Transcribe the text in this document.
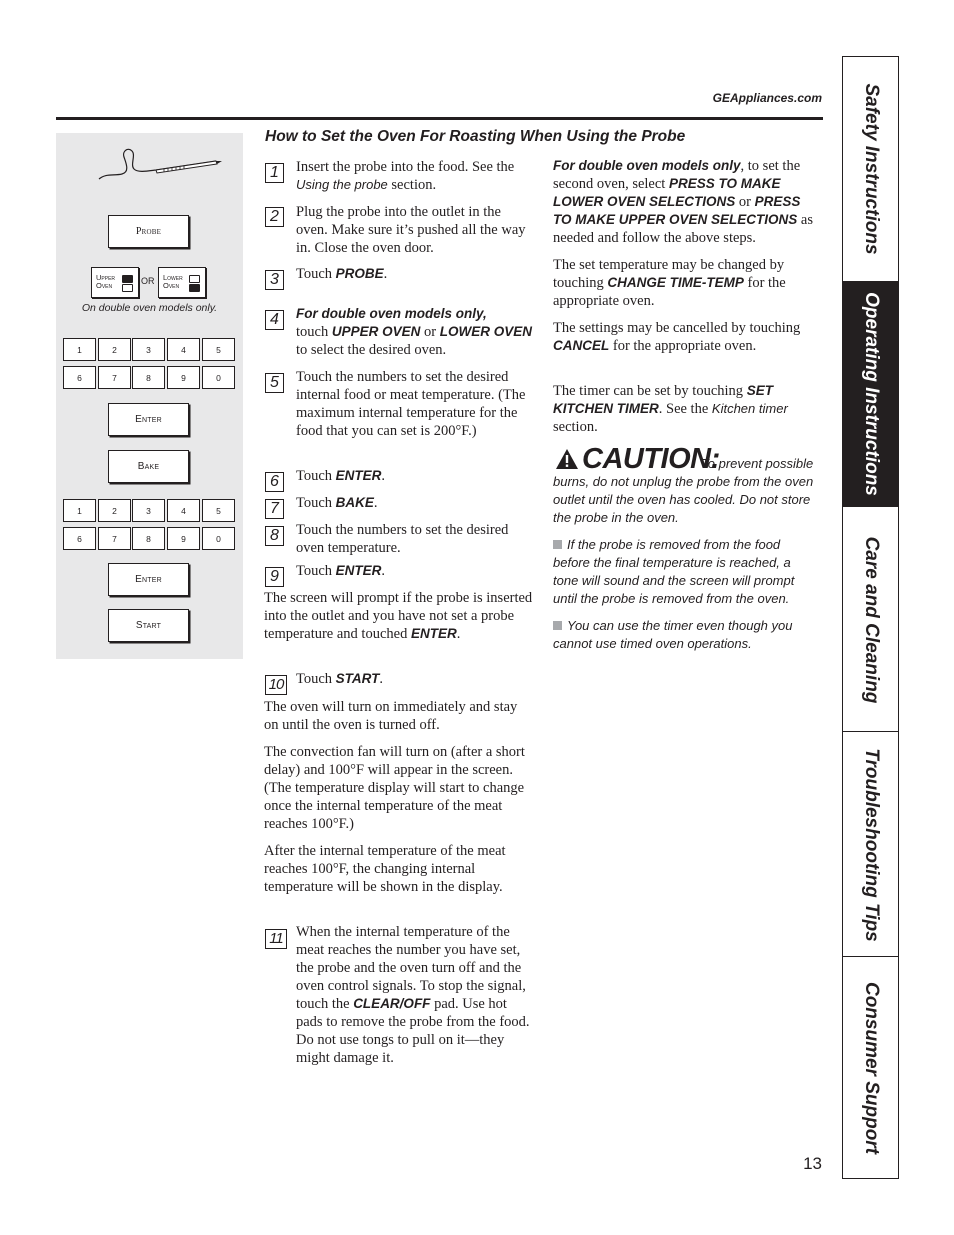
GEAppliances.com
Probe
Upper
Oven
Lower
Oven
OR
On double oven models only.
1	2	3	4	5
6	7	8	9	0
Enter
Bake
1	2	3	4	5
6	7	8	9	0
Enter
Start
How to Set the Oven For Roasting When Using the Probe
1	Insert the probe into the food. See the Using the probe section.
2	Plug the probe into the outlet in the oven. Make sure it’s pushed all the way in. Close the oven door.
3	Touch PROBE.
4	For double oven models only,
touch UPPER OVEN or LOWER OVEN
to select the desired oven.
5	Touch the numbers to set the desired internal food or meat temperature. (The maximum internal temperature for the food that you can set is 200°F.)
6	Touch ENTER.
7	Touch BAKE.
8	Touch the numbers to set the desired oven temperature.
9	Touch ENTER.
The screen will prompt if the probe is inserted into the outlet and you have not set a probe temperature and touched ENTER.
10 Touch START.
The oven will turn on immediately and stay on until the oven is turned off.
The convection fan will turn on (after a short delay) and 100°F will appear in the screen. (The temperature display will start to change once the internal temperature of the meat reaches 100°F.)
After the internal temperature of the meat reaches 100°F, the changing internal temperature will be shown in the display.
11 When the internal temperature of the meat reaches the number you have set, the probe and the oven turn off and the oven control signals. To stop the signal, touch the CLEAR/OFF pad. Use hot pads to remove the probe from the food. Do not use tongs to pull on it—they might damage it.
For double oven models only, to set the second oven, select PRESS TO MAKE LOWER OVEN SELECTIONS or PRESS TO MAKE UPPER OVEN SELECTIONS as needed and follow the above steps.
The set temperature may be changed by touching CHANGE TIME-TEMP for the appropriate oven.
The settings may be cancelled by touching CANCEL for the appropriate oven.
The timer can be set by touching SET KITCHEN TIMER. See the Kitchen timer section.
CAUTION:
To prevent possible burns, do not unplug the probe from the oven outlet until the oven has cooled. Do not store the probe in the oven.
If the probe is removed from the food before the final temperature is reached, a tone will sound and the screen will prompt until the probe is removed from the oven.
You can use the timer even though you cannot use timed oven operations.
13
Safety Instructions
Operating Instructions
Care and Cleaning
Troubleshooting Tips
Consumer Support
